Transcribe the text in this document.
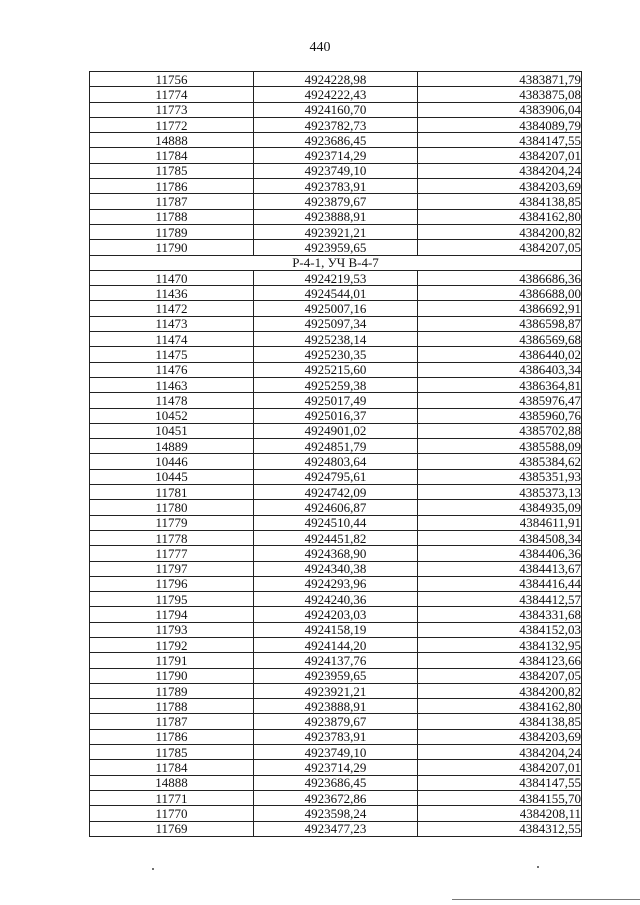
440
11756	4924228,98	4383871,79
11774	4924222,43	4383875,08
11773	4924160,70	4383906,04
11772	4923782,73	4384089,79
14888	4923686,45	4384147,55
11784	4923714,29	4384207,01
11785	4923749,10	4384204,24
11786	4923783,91	4384203,69
11787	4923879,67	4384138,85
11788	4923888,91	4384162,80
11789	4923921,21	4384200,82
11790	4923959,65	4384207,05
Р-4-1, УЧ В-4-7		
11470	4924219,53	4386686,36
11436	4924544,01	4386688,00
11472	4925007,16	4386692,91
11473	4925097,34	4386598,87
11474	4925238,14	4386569,68
11475	4925230,35	4386440,02
11476	4925215,60	4386403,34
11463	4925259,38	4386364,81
11478	4925017,49	4385976,47
10452	4925016,37	4385960,76
10451	4924901,02	4385702,88
14889	4924851,79	4385588,09
10446	4924803,64	4385384,62
10445	4924795,61	4385351,93
11781	4924742,09	4385373,13
11780	4924606,87	4384935,09
11779	4924510,44	4384611,91
11778	4924451,82	4384508,34
11777	4924368,90	4384406,36
11797	4924340,38	4384413,67
11796	4924293,96	4384416,44
11795	4924240,36	4384412,57
11794	4924203,03	4384331,68
11793	4924158,19	4384152,03
11792	4924144,20	4384132,95
11791	4924137,76	4384123,66
11790	4923959,65	4384207,05
11789	4923921,21	4384200,82
11788	4923888,91	4384162,80
11787	4923879,67	4384138,85
11786	4923783,91	4384203,69
11785	4923749,10	4384204,24
11784	4923714,29	4384207,01
14888	4923686,45	4384147,55
11771	4923672,86	4384155,70
11770	4923598,24	4384208,11
11769	4923477,23	4384312,55
